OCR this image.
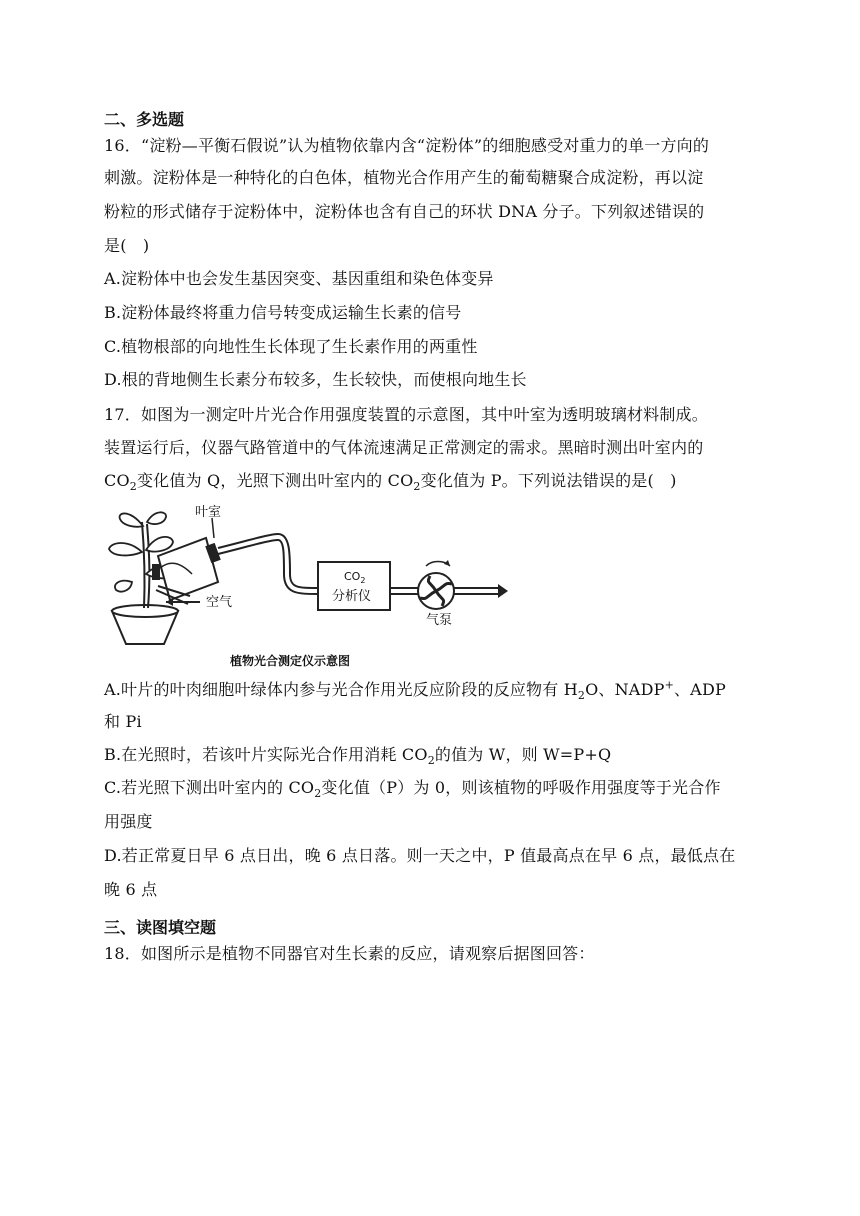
二、多选题
16．“淀粉—平衡石假说”认为植物依靠内含“淀粉体”的细胞感受对重力的单一方向的
刺激。淀粉体是一种特化的白色体，植物光合作用产生的葡萄糖聚合成淀粉，再以淀
粉粒的形式储存于淀粉体中，淀粉体也含有自己的环状 DNA 分子。下列叙述错误的
是(　)
A.淀粉体中也会发生基因突变、基因重组和染色体变异
B.淀粉体最终将重力信号转变成运输生长素的信号
C.植物根部的向地性生长体现了生长素作用的两重性
D.根的背地侧生长素分布较多，生长较快，而使根向地生长
17．如图为一测定叶片光合作用强度装置的示意图，其中叶室为透明玻璃材料制成。
装置运行后，仪器气路管道中的气体流速满足正常测定的需求。黑暗时测出叶室内的
$CO_2$变化值为 Q，光照下测出叶室内的 $CO_2$变化值为 P。下列说法错误的是(　)
空气
叶室
$CO_2$
分析仪
气泵
植物光合测定仪示意图
A.叶片的叶肉细胞叶绿体内参与光合作用光反应阶段的反应物有 $H_2O$、NADP+、ADP
和 Pi
B.在光照时，若该叶片实际光合作用消耗 $CO_2$的值为 W，则 W=P+Q
C.若光照下测出叶室内的 $CO_2$变化值（P）为 0，则该植物的呼吸作用强度等于光合作
用强度
D.若正常夏日早 6 点日出，晚 6 点日落。则一天之中，P 值最高点在早 6 点，最低点在
晚 6 点
三、读图填空题
18．如图所示是植物不同器官对生长素的反应，请观察后据图回答：
